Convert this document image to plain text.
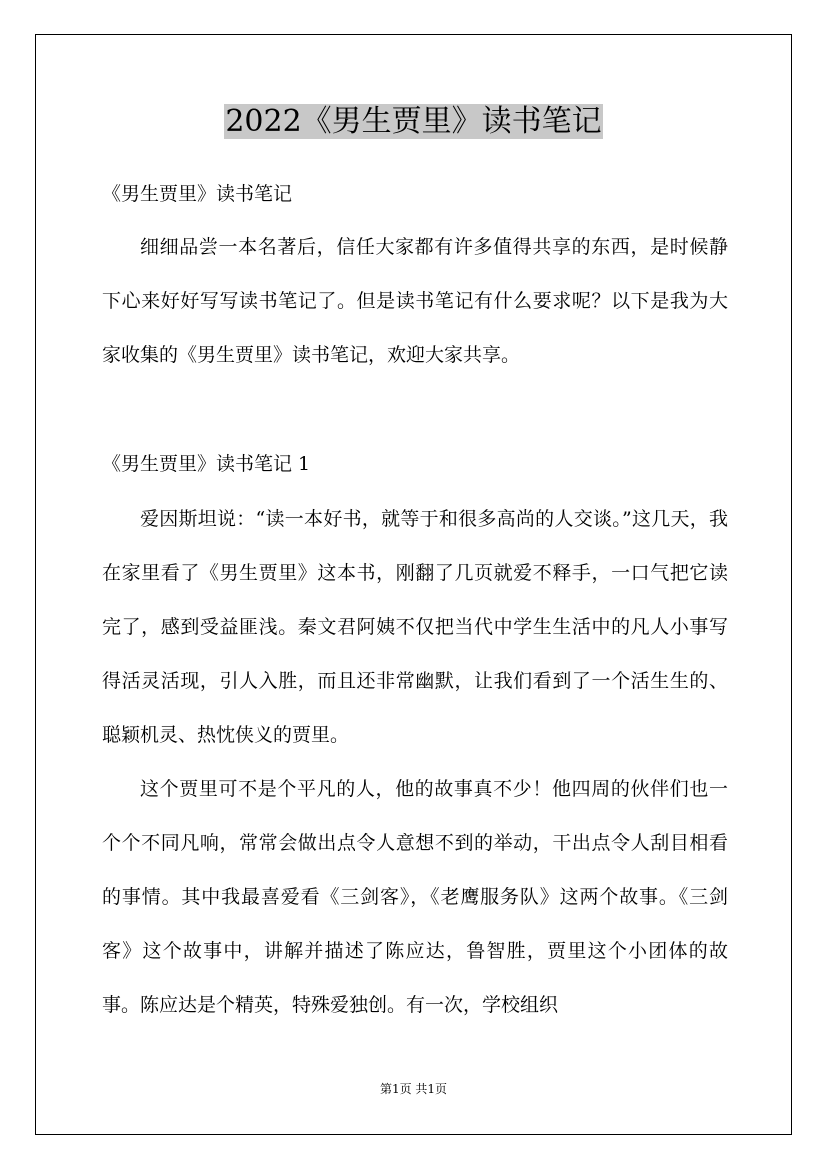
2022《男生贾里》读书笔记

《男生贾里》读书笔记

细细品尝一本名著后，信任大家都有许多值得共享的东西，是时候静下心来好好写写读书笔记了。但是读书笔记有什么要求呢？以下是我为大家收集的《男生贾里》读书笔记，欢迎大家共享。

《男生贾里》读书笔记 1

爱因斯坦说：“读一本好书，就等于和很多高尚的人交谈。”这几天，我在家里看了《男生贾里》这本书，刚翻了几页就爱不释手，一口气把它读完了，感到受益匪浅。秦文君阿姨不仅把当代中学生生活中的凡人小事写得活灵活现，引人入胜，而且还非常幽默，让我们看到了一个活生生的、聪颖机灵、热忱侠义的贾里。

这个贾里可不是个平凡的人，他的故事真不少！他四周的伙伴们也一个个不同凡响，常常会做出点令人意想不到的举动，干出点令人刮目相看的事情。其中我最喜爱看《三剑客》，《老鹰服务队》这两个故事。《三剑客》这个故事中，讲解并描述了陈应达，鲁智胜，贾里这个小团体的故事。陈应达是个精英，特殊爱独创。有一次，学校组织

第1页 共1页
